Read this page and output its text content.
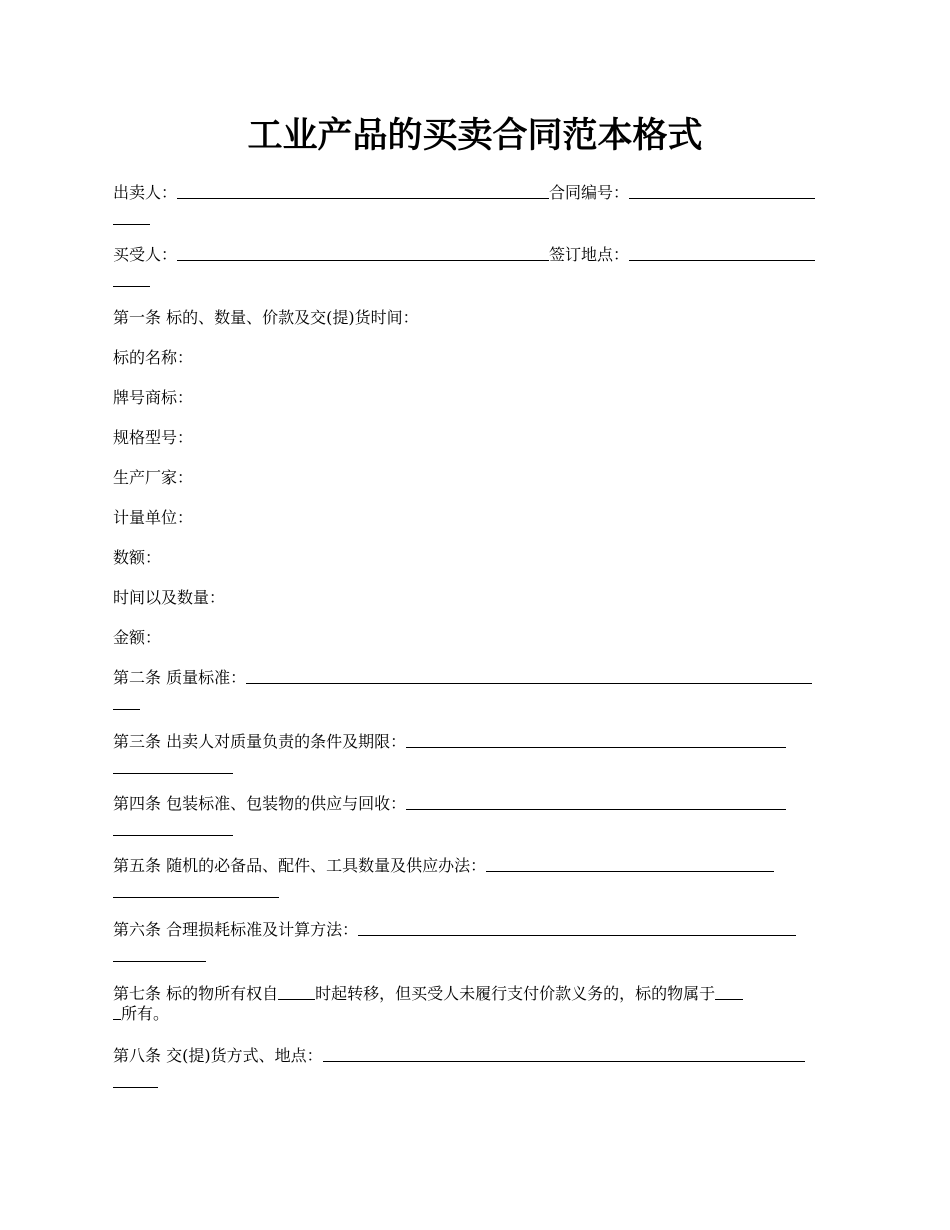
工业产品的买卖合同范本格式
出卖人：	合同编号：
买受人：	签订地点：
第一条 标的、数量、价款及交(提)货时间：
标的名称：
牌号商标：
规格型号：
生产厂家：
计量单位：
数额：
时间以及数量：
金额：
第二条 质量标准：
第三条 出卖人对质量负责的条件及期限：
第四条 包装标准、包装物的供应与回收：
第五条 随机的必备品、配件、工具数量及供应办法：
第六条 合理损耗标准及计算方法：
第七条 标的物所有权自 时起转移，但买受人未履行支付价款义务的，标的物属于
所有。
第八条 交(提)货方式、地点：
